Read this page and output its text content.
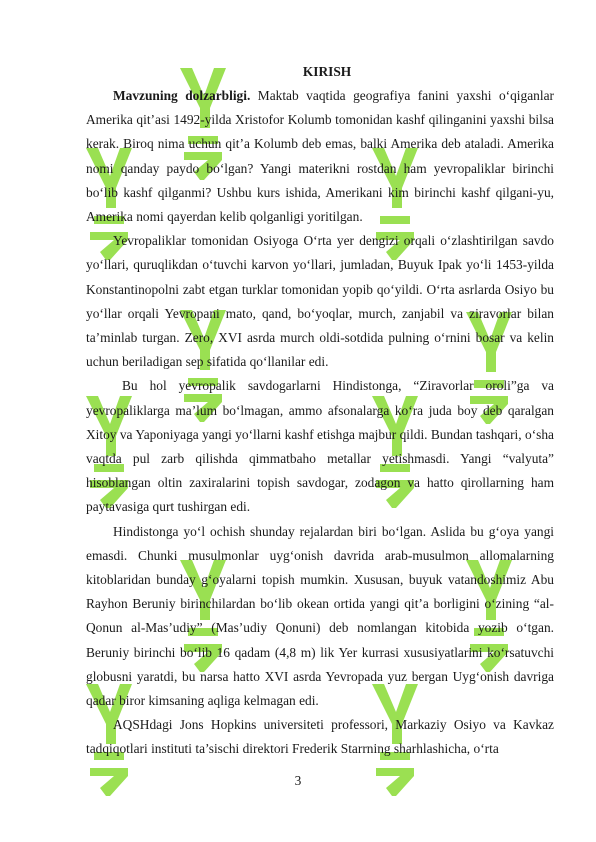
KIRISH

Mavzuning dolzarbligi. Maktab vaqtida geografiya fanini yaxshi o‘qiganlar Amerika qit’asi 1492-yilda Xristofor Kolumb tomonidan kashf qilinganini yaxshi bilsa kerak. Biroq nima uchun qit’a Kolumb deb emas, balki Amerika deb ataladi. Amerika nomi qanday paydo bo‘lgan? Yangi materikni rostdan ham yevropaliklar birinchi bo‘lib kashf qilganmi? Ushbu kurs ishida, Amerikani kim birinchi kashf qilgani-yu, Amerika nomi qayerdan kelib qolganligi yoritilgan.

Yevropaliklar tomonidan Osiyoga O‘rta yer dengizi orqali o‘zlashtirilgan savdo yo‘llari, quruqlikdan o‘tuvchi karvon yo‘llari, jumladan, Buyuk Ipak yo‘li 1453-yilda Konstantinopolni zabt etgan turklar tomonidan yopib qo‘yildi. O‘rta asrlarda Osiyo bu yo‘llar orqali Yevropani mato, qand, bo‘yoqlar, murch, zanjabil va ziravorlar bilan ta’minlab turgan. Zero, XVI asrda murch oldi-sotdida pulning o‘rnini bosar va kelin uchun beriladigan sep sifatida qo‘llanilar edi.

Bu hol yevropalik savdogarlarni Hindistonga, “Ziravorlar oroli”ga va yevropaliklarga ma’lum bo‘lmagan, ammo afsonalarga ko‘ra juda boy deb qaralgan Xitoy va Yaponiyaga yangi yo‘llarni kashf etishga majbur qildi. Bundan tashqari, o‘sha vaqtda pul zarb qilishda qimmatbaho metallar yetishmasdi. Yangi “valyuta” hisoblangan oltin zaxiralarini topish savdogar, zodagon va hatto qirollarning ham paytavasiga qurt tushirgan edi.

Hindistonga yo‘l ochish shunday rejalardan biri bo‘lgan. Aslida bu g‘oya yangi emasdi. Chunki musulmonlar uyg‘onish davrida arab-musulmon allomalarning kitoblaridan bunday g‘oyalarni topish mumkin. Xususan, buyuk vatandoshimiz Abu Rayhon Beruniy birinchilardan bo‘lib okean ortida yangi qit’a borligini o‘zining “al-Qonun al-Mas’udiy” (Mas’udiy Qonuni) deb nomlangan kitobida yozib o‘tgan. Beruniy birinchi bo‘lib 16 qadam (4,8 m) lik Yer kurrasi xususiyatlarini ko‘rsatuvchi globusni yaratdi, bu narsa hatto XVI asrda Yevropada yuz bergan Uyg‘onish davriga qadar biror kimsaning aqliga kelmagan edi.

AQSHdagi Jons Hopkins universiteti professori, Markaziy Osiyo va Kavkaz tadqiqotlari instituti ta’sischi direktori Frederik Starrning sharhlashicha, o‘rta

3
